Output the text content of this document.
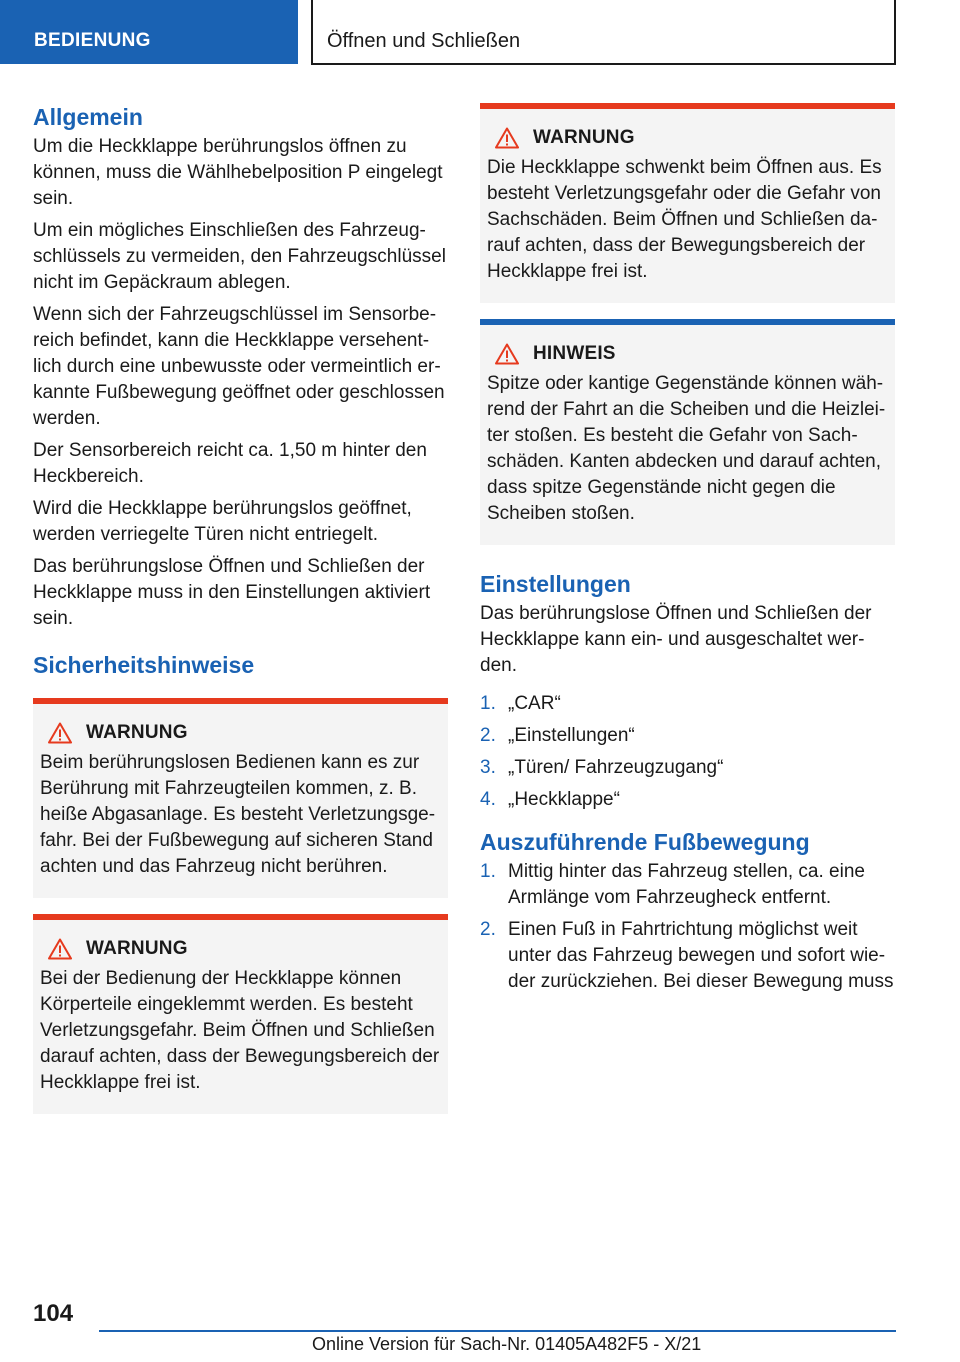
BEDIENUNG	Öffnen und Schließen
Allgemein

Um die Heckklappe berührungslos öffnen zu können, muss die Wählhebelposition P eingelegt sein.

Um ein mögliches Einschließen des Fahrzeugschlüssels zu vermeiden, den Fahrzeugschlüssel nicht im Gepäckraum ablegen.

Wenn sich der Fahrzeugschlüssel im Sensorbereich befindet, kann die Heckklappe versehentlich durch eine unbewusste oder vermeintlich erkannte Fußbewegung geöffnet oder geschlossen werden.

Der Sensorbereich reicht ca. 1,50 m hinter den Heckbereich.

Wird die Heckklappe berührungslos geöffnet, werden verriegelte Türen nicht entriegelt.

Das berührungslose Öffnen und Schließen der Heckklappe muss in den Einstellungen aktiviert sein.

Sicherheitshinweise
WARNUNG

Beim berührungslosen Bedienen kann es zur Berührung mit Fahrzeugteilen kommen, z. B. heiße Abgasanlage. Es besteht Verletzungsgefahr. Bei der Fußbewegung auf sicheren Stand achten und das Fahrzeug nicht berühren.

WARNUNG

Bei der Bedienung der Heckklappe können Körperteile eingeklemmt werden. Es besteht Verletzungsgefahr. Beim Öffnen und Schließen darauf achten, dass der Bewegungsbereich der Heckklappe frei ist.

WARNUNG

Die Heckklappe schwenkt beim Öffnen aus. Es besteht Verletzungsgefahr oder die Gefahr von Sachschäden. Beim Öffnen und Schließen darauf achten, dass der Bewegungsbereich der Heckklappe frei ist.

HINWEIS

Spitze oder kantige Gegenstände können während der Fahrt an die Scheiben und die Heizleiter stoßen. Es besteht die Gefahr von Sachschäden. Kanten abdecken und darauf achten, dass spitze Gegenstände nicht gegen die Scheiben stoßen.

Einstellungen

Das berührungslose Öffnen und Schließen der Heckklappe kann ein- und ausgeschaltet werden.

1. „CAR“
2. „Einstellungen“
3. „Türen/ Fahrzeugzugang“
4. „Heckklappe“
Auszuführende Fußbewegung
1. Mittig hinter das Fahrzeug stellen, ca. eine Armlänge vom Fahrzeugheck entfernt.
2. Einen Fuß in Fahrtrichtung möglichst weit unter das Fahrzeug bewegen und sofort wieder zurückziehen. Bei dieser Bewegung muss
104
Online Version für Sach-Nr. 01405A482F5 - X/21
